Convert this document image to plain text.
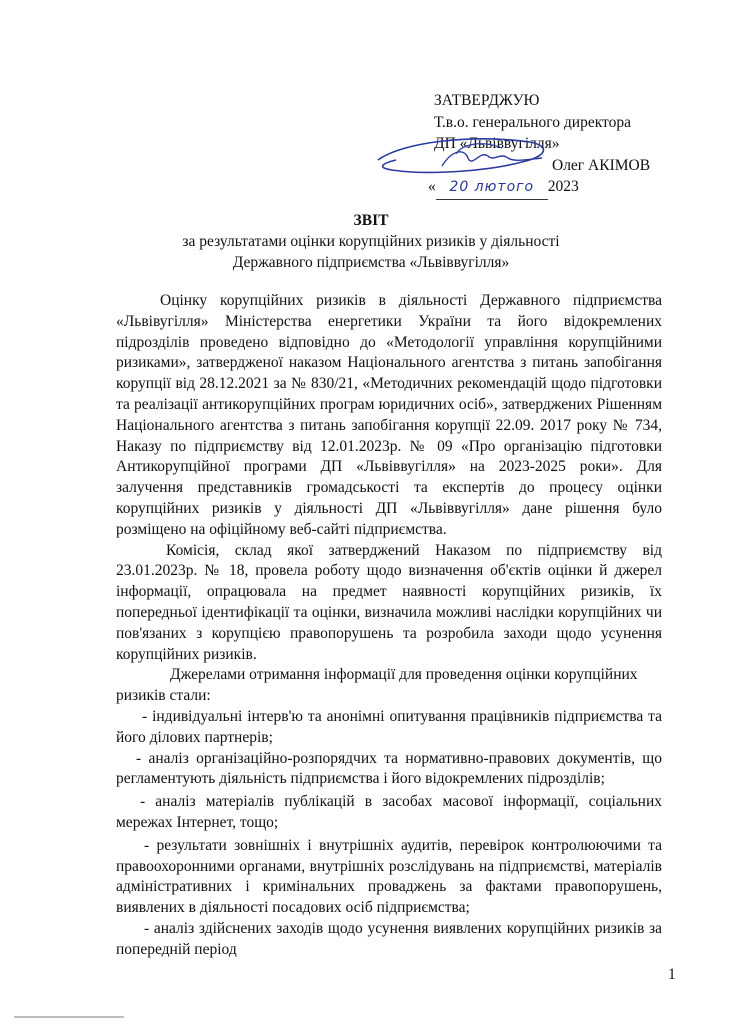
ЗАТВЕРДЖУЮ
Т.в.о. генерального директора
ДП «Львіввугілля»
Олег АКІМОВ
« 20 лютого 2023
ЗВІТ
за результатами оцінки корупційних ризиків у діяльності
Державного підприємства «Львіввугілля»

Оцінку корупційних ризиків в діяльності Державного підприємства «Львівугілля» Міністерства енергетики України та його відокремлених підрозділів проведено відповідно до «Методології управління корупційними ризиками», затвердженої наказом Національного агентства з питань запобігання корупції від 28.12.2021 за № 830/21, «Методичних рекомендацій щодо підготовки та реалізації антикорупційних програм юридичних осіб», затверджених Рішенням Національного агентства з питань запобігання корупції 22.09. 2017 року № 734, Наказу по підприємству від 12.01.2023р. № 09 «Про організацію підготовки Антикорупційної програми ДП «Львіввугілля» на 2023-2025 роки». Для залучення представників громадськості та експертів до процесу оцінки корупційних ризиків у діяльності ДП «Львіввугілля» дане рішення було розміщено на офіційному веб-сайті підприємства.

Комісія, склад якої затверджений Наказом по підприємству від 23.01.2023р. № 18, провела роботу щодо визначення об'єктів оцінки й джерел інформації, опрацювала на предмет наявності корупційних ризиків, їх попередньої ідентифікації та оцінки, визначила можливі наслідки корупційних чи пов'язаних з корупцією правопорушень та розробила заходи щодо усунення корупційних ризиків.

Джерелами отримання інформації для проведення оцінки корупційних ризиків стали:

- індивідуальні інтерв'ю та анонімні опитування працівників підприємства та його ділових партнерів;

- аналіз організаційно-розпорядчих та нормативно-правових документів, що регламентують діяльність підприємства і його відокремлених підрозділів;

- аналіз матеріалів публікацій в засобах масової інформації, соціальних мережах Інтернет, тощо;

- результати зовнішніх і внутрішніх аудитів, перевірок контролюючими та правоохоронними органами, внутрішніх розслідувань на підприємстві, матеріалів адміністративних і кримінальних проваджень за фактами правопорушень, виявлених в діяльності посадових осіб підприємства;

- аналіз здійснених заходів щодо усунення виявлених корупційних ризиків за попередній період

1
